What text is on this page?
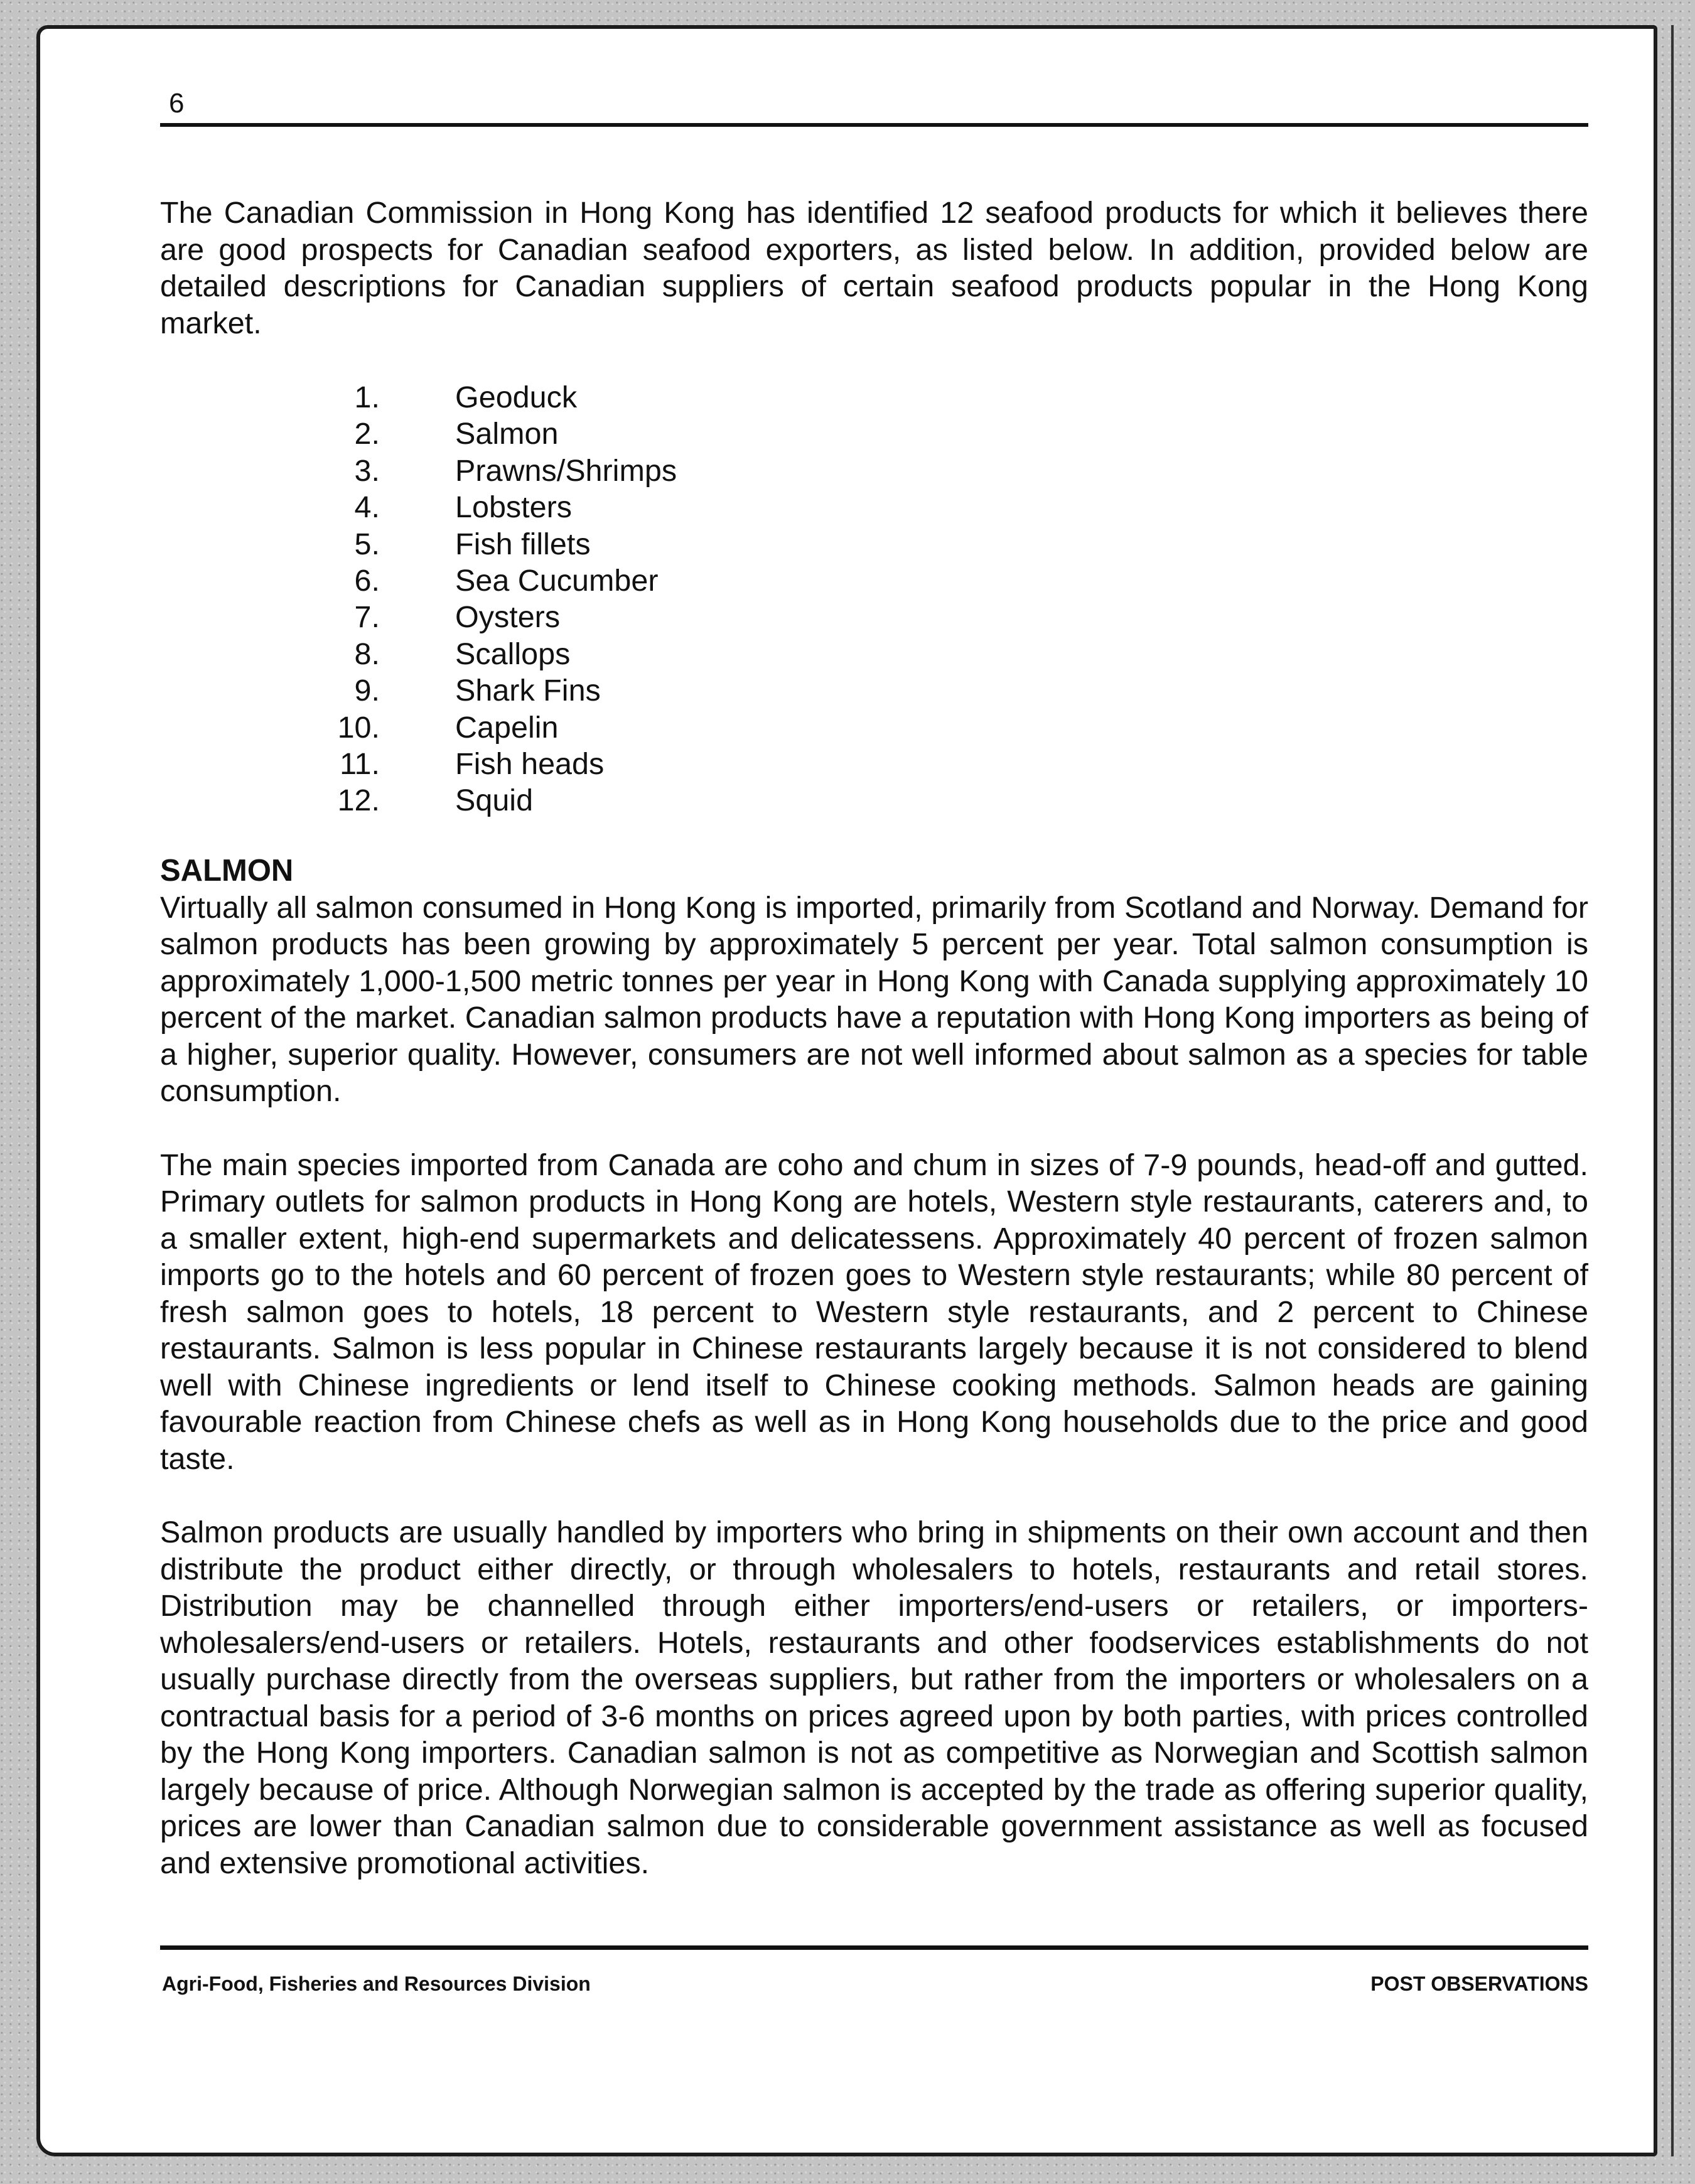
6

The Canadian Commission in Hong Kong has identified 12 seafood products for which it believes there are good prospects for Canadian seafood exporters, as listed below. In addition, provided below are detailed descriptions for Canadian suppliers of certain seafood products popular in the Hong Kong market.

1. Geoduck
2. Salmon
3. Prawns/Shrimps
4. Lobsters
5. Fish fillets
6. Sea Cucumber
7. Oysters
8. Scallops
9. Shark Fins
10. Capelin
11. Fish heads
12. Squid
SALMON

Virtually all salmon consumed in Hong Kong is imported, primarily from Scotland and Norway. Demand for salmon products has been growing by approximately 5 percent per year. Total salmon consumption is approximately 1,000-1,500 metric tonnes per year in Hong Kong with Canada supplying approximately 10 percent of the market. Canadian salmon products have a reputation with Hong Kong importers as being of a higher, superior quality. However, consumers are not well informed about salmon as a species for table consumption.

The main species imported from Canada are coho and chum in sizes of 7-9 pounds, head-off and gutted. Primary outlets for salmon products in Hong Kong are hotels, Western style restaurants, caterers and, to a smaller extent, high-end supermarkets and delicatessens. Approximately 40 percent of frozen salmon imports go to the hotels and 60 percent of frozen goes to Western style restaurants; while 80 percent of fresh salmon goes to hotels, 18 percent to Western style restaurants, and 2 percent to Chinese restaurants. Salmon is less popular in Chinese restaurants largely because it is not considered to blend well with Chinese ingredients or lend itself to Chinese cooking methods. Salmon heads are gaining favourable reaction from Chinese chefs as well as in Hong Kong households due to the price and good taste.

Salmon products are usually handled by importers who bring in shipments on their own account and then distribute the product either directly, or through wholesalers to hotels, restaurants and retail stores. Distribution may be channelled through either importers/end-users or retailers, or importers-wholesalers/end-users or retailers. Hotels, restaurants and other foodservices establishments do not usually purchase directly from the overseas suppliers, but rather from the importers or wholesalers on a contractual basis for a period of 3-6 months on prices agreed upon by both parties, with prices controlled by the Hong Kong importers. Canadian salmon is not as competitive as Norwegian and Scottish salmon largely because of price. Although Norwegian salmon is accepted by the trade as offering superior quality, prices are lower than Canadian salmon due to considerable government assistance as well as focused and extensive promotional activities.

Agri-Food, Fisheries and Resources Division	POST OBSERVATIONS
